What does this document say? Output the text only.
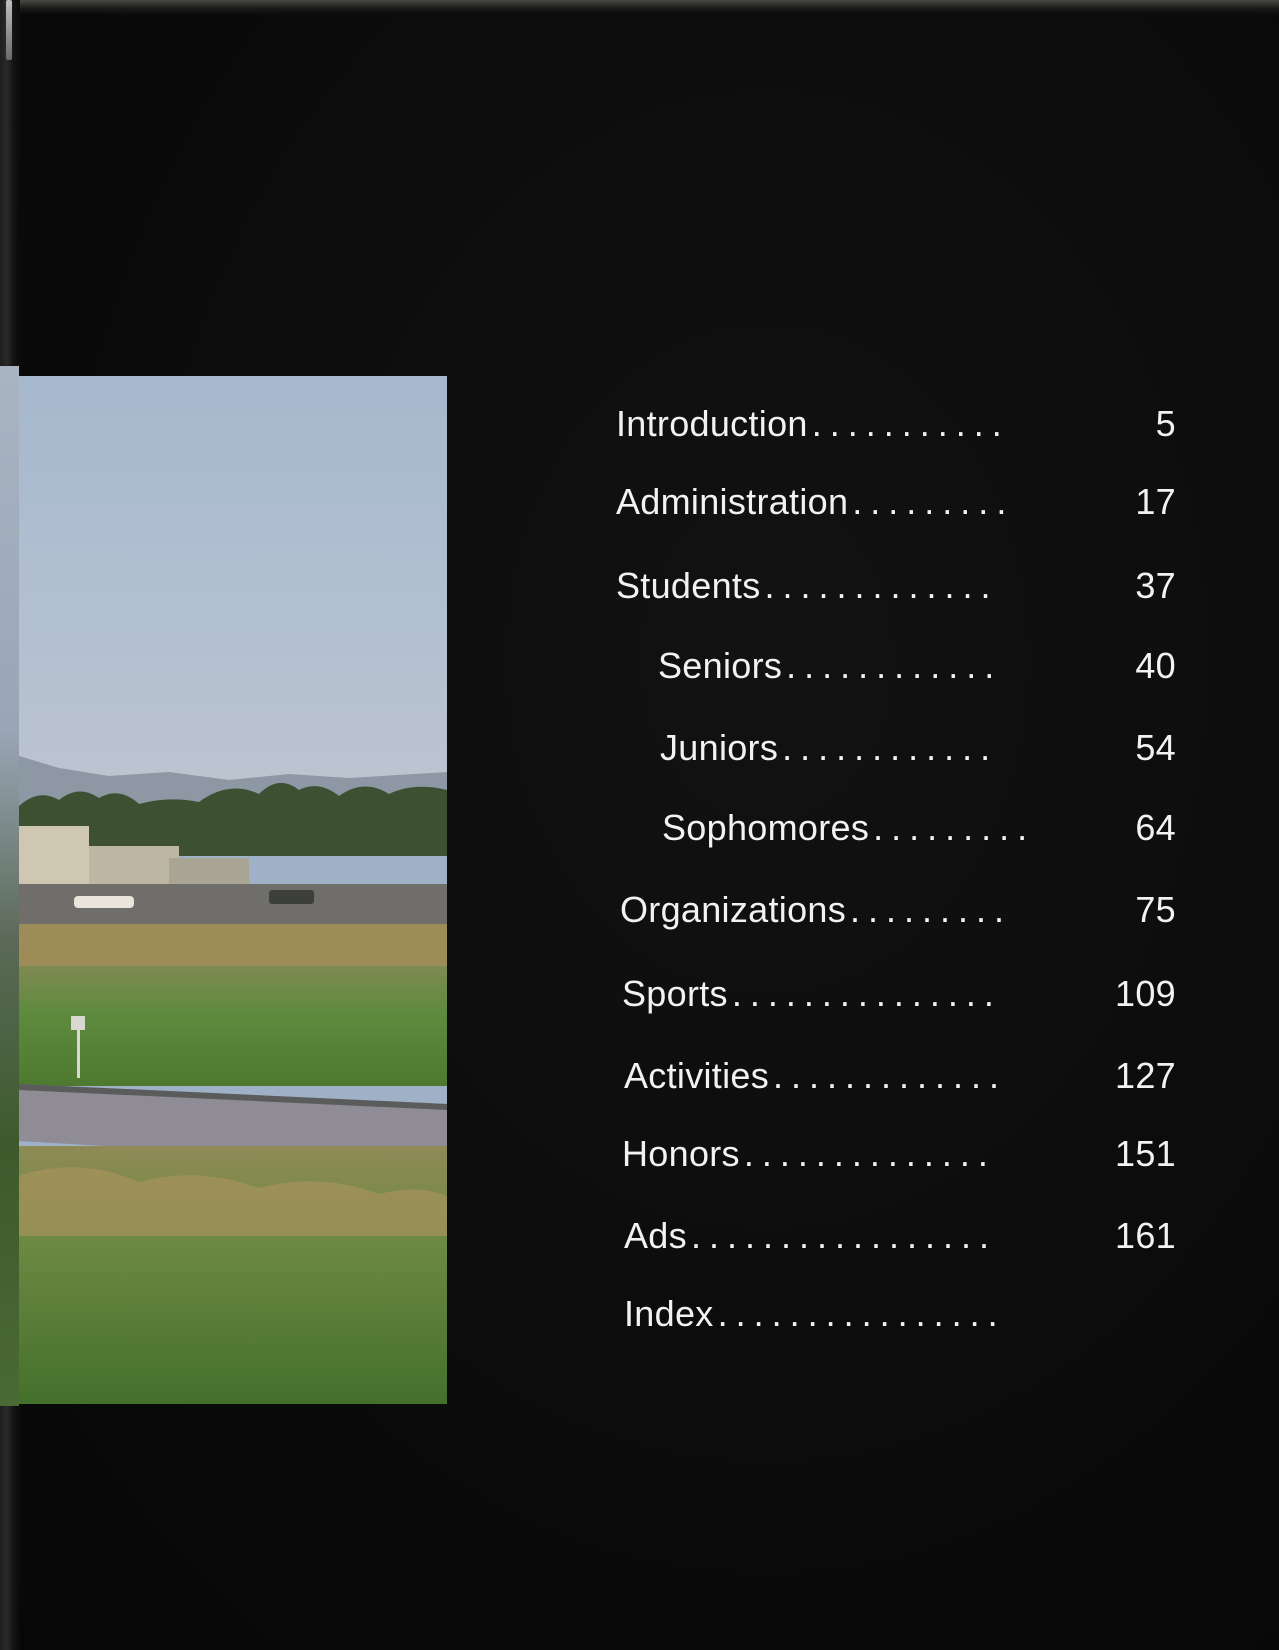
Introduction ...........	5
Administration .........	17
Students .............	37
Seniors ............	40
Juniors ............	54
Sophomores .........	64
Organizations .........	75
Sports ...............	109
Activities .............	127
Honors ..............	151
Ads .................	161
Index ................
